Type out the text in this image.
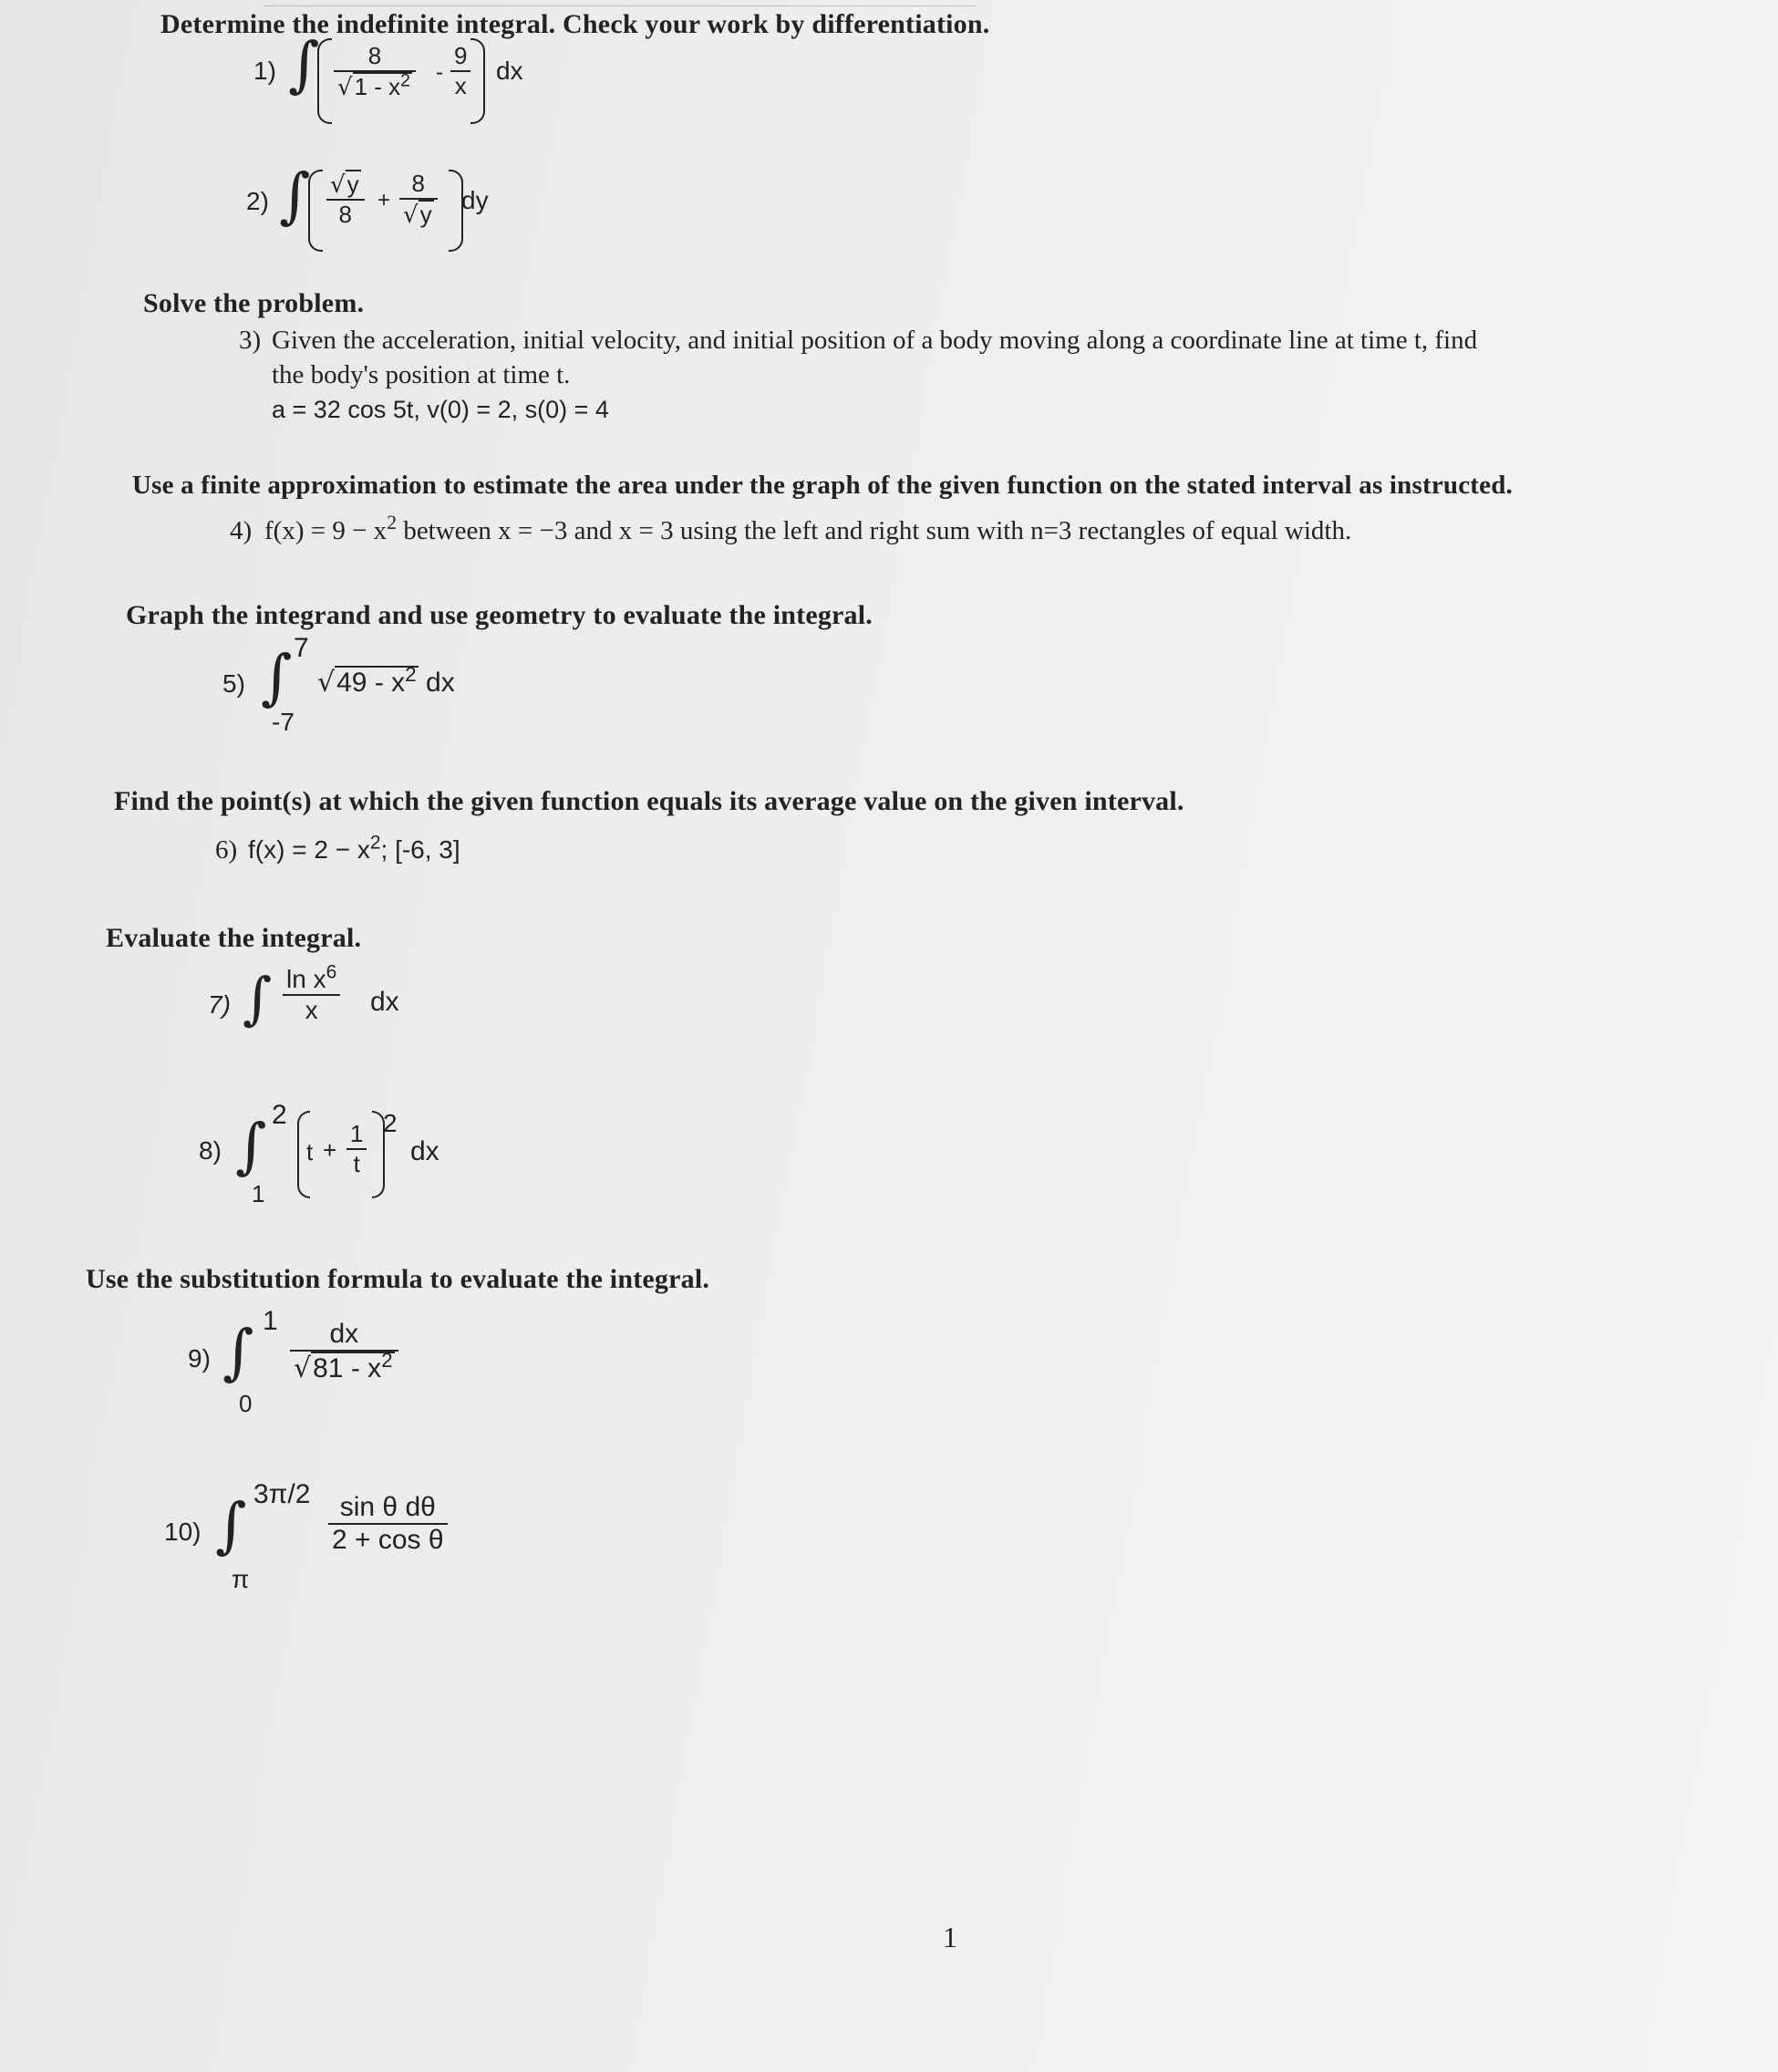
Determine the indefinite integral. Check your work by differentiation.
1) ∫ 8
$√1 - x^2$ -
9
x
dx
2) ∫ √y
8
+
8
√y dy
Solve the problem.
3) Given the acceleration, initial velocity, and initial position of a body moving along a coordinate line at time t, find
the body's position at time t.
a = 32 cos 5t, v(0) = 2, s(0) = 4
Use a finite approximation to estimate the area under the graph of the given function on the stated interval as instructed.
4) $f(x) = 9 - x^2$ between x = −3 and x = 3 using the left and right sum with n=3 rectangles of equal width.
Graph the integrand and use geometry to evaluate the integral.
5) ∫ 7
-7
$√49 - x^2$ dx
Find the point(s) at which the given function equals its average value on the given interval.
6) $f(x) = 2 - x^2$; [-6, 3]
Evaluate the integral.
7) ∫ $\ln x^6$
x dx
8) ∫ 2
1
t +
1
t
2
dx
Use the substitution formula to evaluate the integral.
9) ∫ 1
0
dx
$√81 - x^2$
10) ∫ 3π/2
π
sin θ dθ
2 + cos θ
1
